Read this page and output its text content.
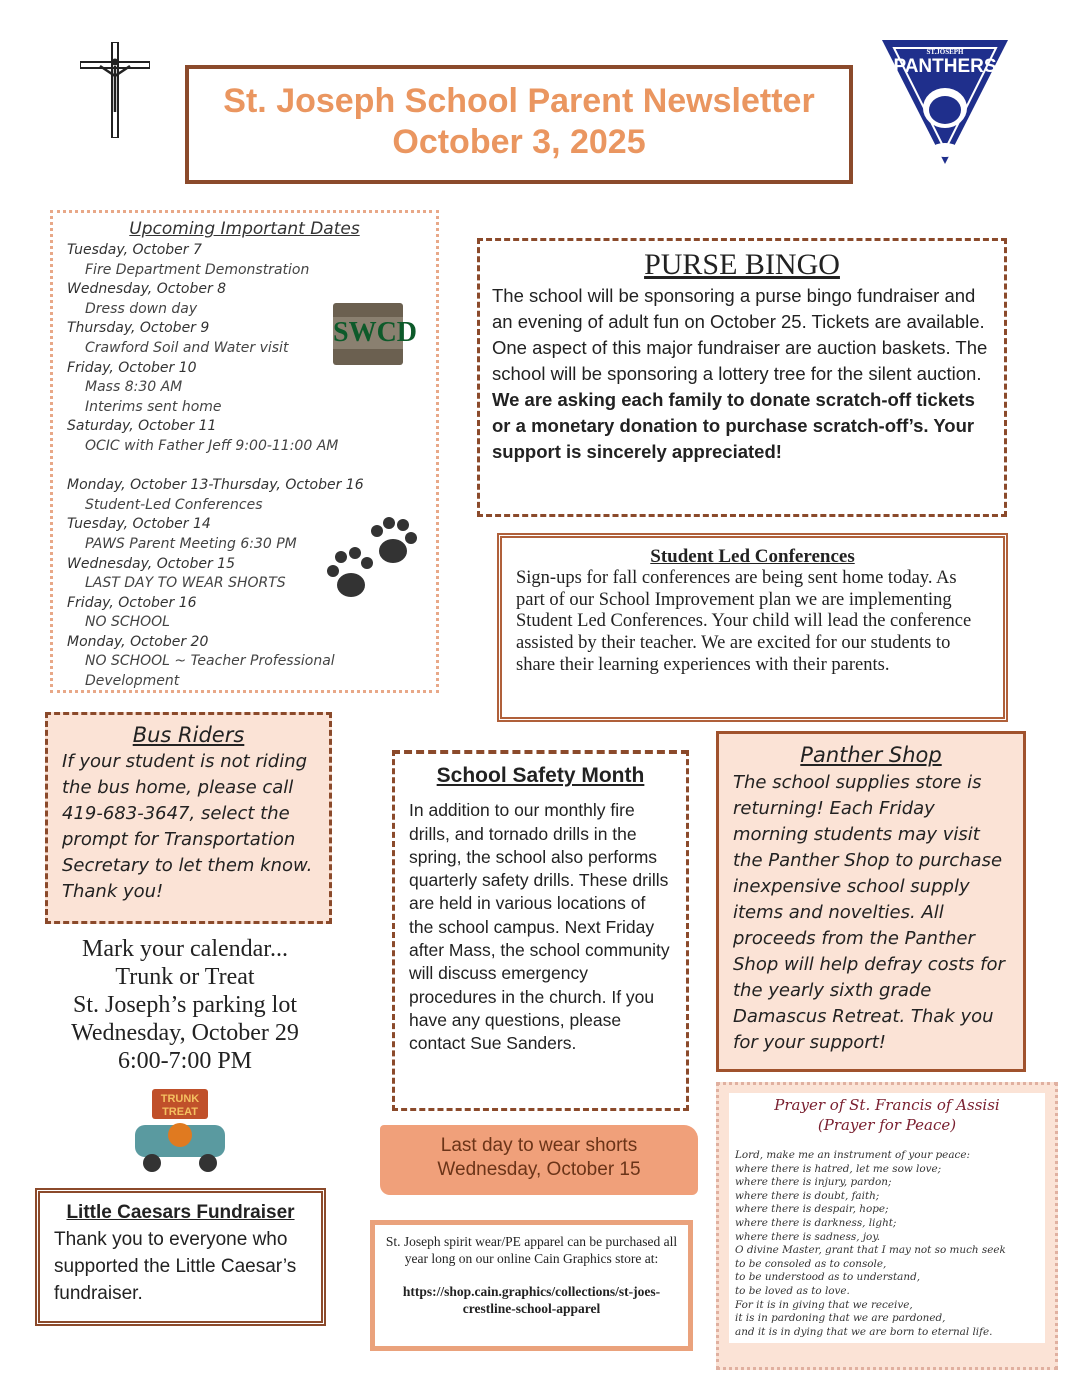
St. Joseph School Parent Newsletter
October 3, 2025
ST.JOSEPH
PANTHERS
Upcoming Important Dates
Tuesday, October 7
Fire Department Demonstration
Wednesday, October 8
Dress down day
Thursday, October 9
Crawford Soil and Water visit
Friday, October 10
Mass 8:30 AM
Interims sent home
Saturday, October 11
OCIC with Father Jeff 9:00-11:00 AM
Monday, October 13-Thursday, October 16
Student-Led Conferences
Tuesday, October 14
PAWS Parent Meeting 6:30 PM
Wednesday, October 15
LAST DAY TO WEAR SHORTS
Friday, October 16
NO SCHOOL
Monday, October 20
NO SCHOOL ~ Teacher Professional Development
SWCD
PURSE BINGO
The school will be sponsoring a purse bingo fundraiser and an evening of adult fun on October 25. Tickets are available.
One aspect of this major fundraiser are auction baskets. The school will be sponsoring a lottery tree for the silent auction. We are asking each family to donate scratch-off tickets or a monetary donation to purchase scratch-off’s. Your support is sincerely appreciated!
Student Led Conferences
Sign-ups for fall conferences are being sent home today. As part of our School Improvement plan we are implementing Student Led Conferences. Your child will lead the conference assisted by their teacher. We are excited for our students to share their learning experiences with their parents.
Bus Riders
If your student is not riding the bus home, please call 419-683-3647, select the prompt for Transportation Secretary to let them know. Thank you!
Mark your calendar...
Trunk or Treat
St. Joseph’s parking lot
Wednesday, October 29
6:00-7:00 PM
TRUNK
TREAT
Little Caesars Fundraiser
Thank you to everyone who supported the Little Caesar’s fundraiser.
School Safety Month
In addition to our monthly fire drills, and tornado drills in the spring, the school also performs quarterly safety drills. These drills are held in various locations of the school campus. Next Friday after Mass, the school community will discuss emergency procedures in the church. If you have any questions, please contact Sue Sanders.
Last day to wear shorts
Wednesday, October 15
St. Joseph spirit wear/PE apparel can be purchased all year long on our online Cain Graphics store at:
https://shop.cain.graphics/collections/st-joes-crestline-school-apparel
Panther Shop
The school supplies store is returning! Each Friday morning students may visit the Panther Shop to purchase inexpensive school supply items and novelties. All proceeds from the Panther Shop will help defray costs for the yearly sixth grade Damascus Retreat. Thak you for your support!
Prayer of St. Francis of Assisi
(Prayer for Peace)
Lord, make me an instrument of your peace:
where there is hatred, let me sow love;
where there is injury, pardon;
where there is doubt, faith;
where there is despair, hope;
where there is darkness, light;
where there is sadness, joy.
O divine Master, grant that I may not so much seek
to be consoled as to console,
to be understood as to understand,
to be loved as to love.
For it is in giving that we receive,
it is in pardoning that we are pardoned,
and it is in dying that we are born to eternal life.
